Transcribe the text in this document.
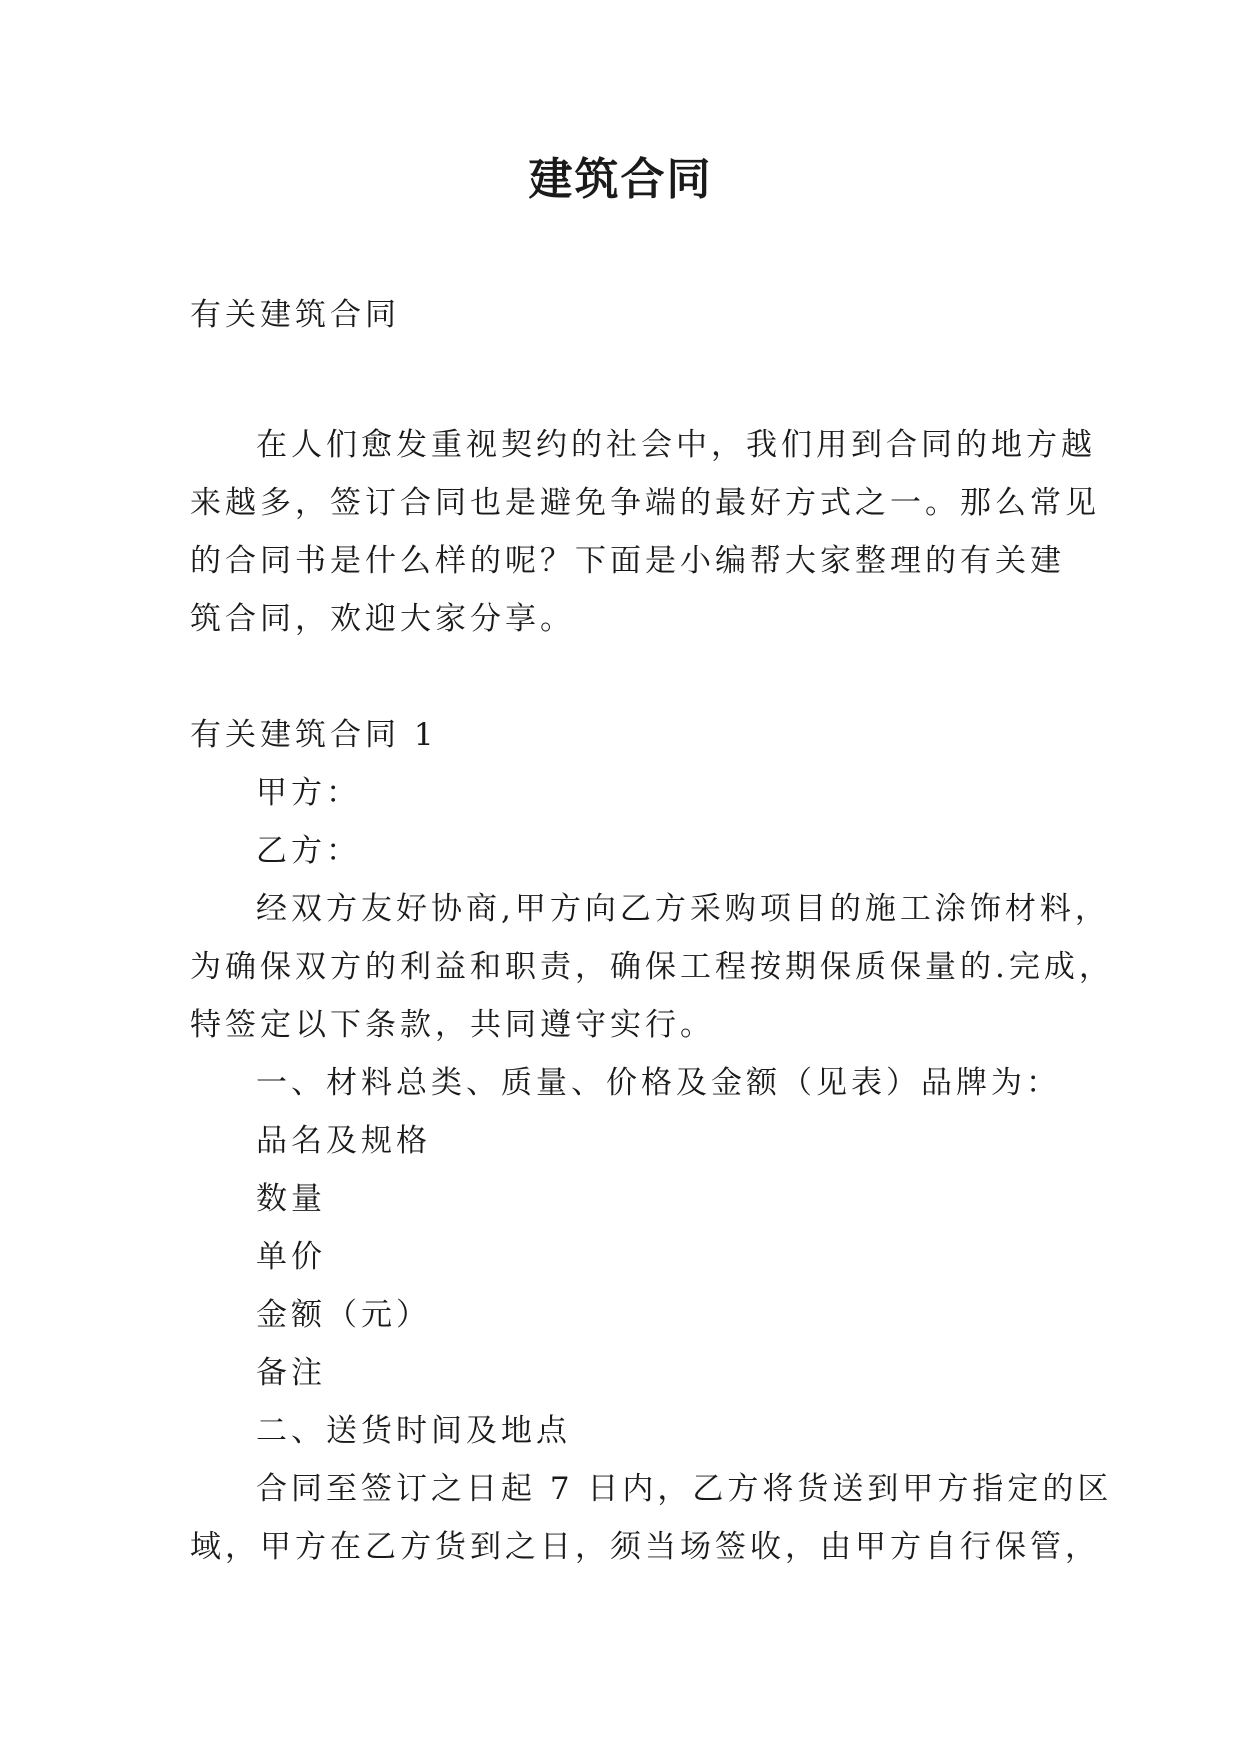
建筑合同

有关建筑合同

在人们愈发重视契约的社会中，我们用到合同的地方越

来越多，签订合同也是避免争端的最好方式之一。那么常见

的合同书是什么样的呢？下面是小编帮大家整理的有关建

筑合同，欢迎大家分享。

有关建筑合同 1

甲方：

乙方：

经双方友好协商,甲方向乙方采购项目的施工涂饰材料，

为确保双方的利益和职责，确保工程按期保质保量的.完成，

特签定以下条款，共同遵守实行。

一、材料总类、质量、价格及金额（见表）品牌为：

品名及规格

数量

单价

金额（元）

备注

二、送货时间及地点

合同至签订之日起 7 日内，乙方将货送到甲方指定的区

域，甲方在乙方货到之日，须当场签收，由甲方自行保管，
